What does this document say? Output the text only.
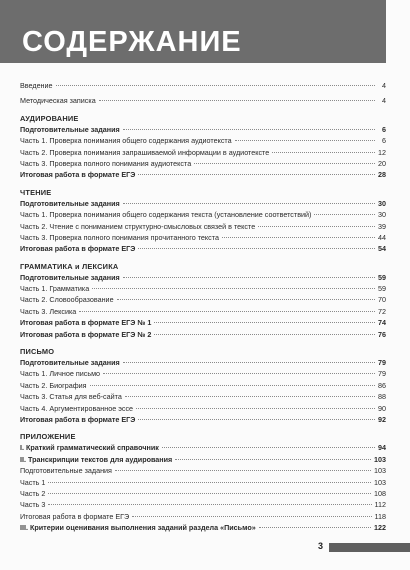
СОДЕРЖАНИЕ
Введение	4
Методическая записка	4
АУДИРОВАНИЕ
Подготовительные задания	6
Часть 1. Проверка понимания общего содержания аудиотекста	6
Часть 2. Проверка понимания запрашиваемой информации в аудиотексте	12
Часть 3. Проверка полного понимания аудиотекста	20
Итоговая работа в формате ЕГЭ	28
ЧТЕНИЕ
Подготовительные задания	30
Часть 1. Проверка понимания общего содержания текста (установление соответствий)	30
Часть 2. Чтение с пониманием структурно-смысловых связей в тексте	39
Часть 3. Проверка полного понимания прочитанного текста	44
Итоговая работа в формате ЕГЭ	54
ГРАММАТИКА и ЛЕКСИКА
Подготовительные задания	59
Часть 1. Грамматика	59
Часть 2. Словообразование	70
Часть 3. Лексика	72
Итоговая работа в формате ЕГЭ № 1	74
Итоговая работа в формате ЕГЭ № 2	76
ПИСЬМО
Подготовительные задания	79
Часть 1. Личное письмо	79
Часть 2. Биография	86
Часть 3. Статья для веб-сайта	88
Часть 4. Аргументированное эссе	90
Итоговая работа в формате ЕГЭ	92
ПРИЛОЖЕНИЕ
I. Краткий грамматический справочник	94
II. Транскрипции текстов для аудирования	103
Подготовительные задания	103
Часть 1	103
Часть 2	108
Часть 3	112
Итоговая работа в формате ЕГЭ	118
III. Критерии оценивания выполнения заданий раздела «Письмо»	122
3
